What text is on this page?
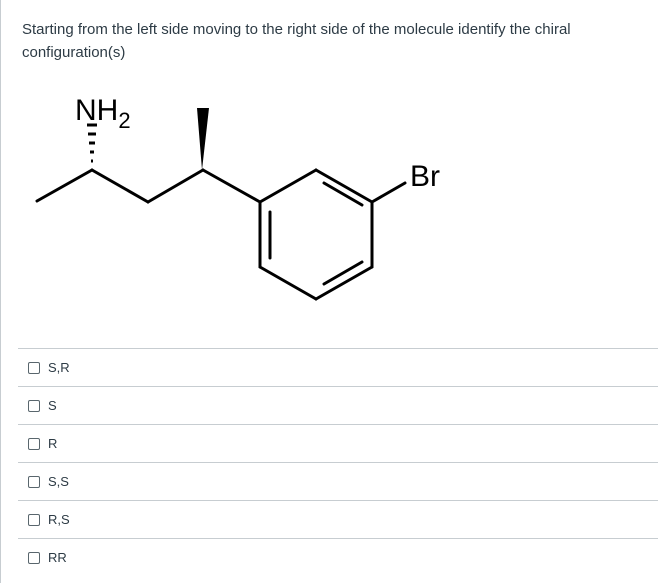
Starting from the left side moving to the right side of the molecule identify the chiral configuration(s)

$NH_2$
Br
S,R
S
R
S,S
R,S
RR
